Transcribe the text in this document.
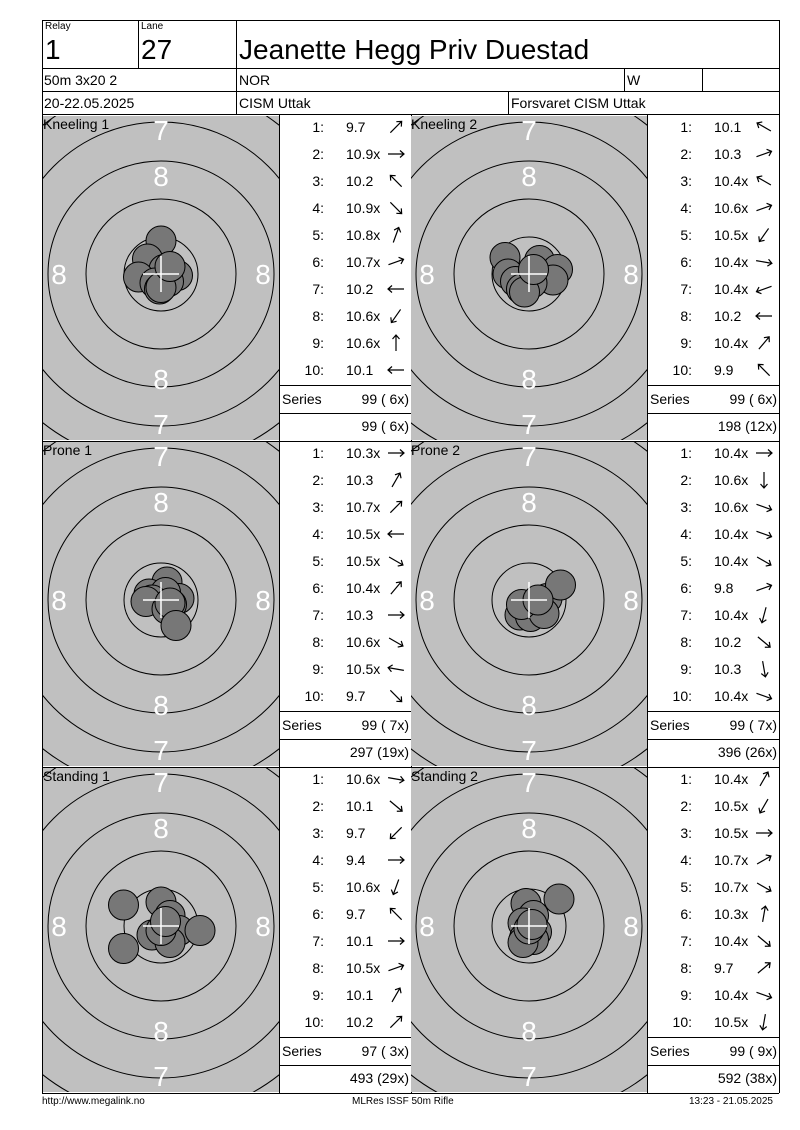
Relay
1
Lane
27 Jeanette Hegg Priv Duestad
50m 3x20 2	NOR	W
20-22.05.2025	CISM Uttak	Forsvaret CISM Uttak
7
8
8
7
8	8
Kneeling 1	1: 9.7
2: 10.9x
3: 10.2
4: 10.9x
5: 10.8x
6: 10.7x
7: 10.2
8: 10.6x
9: 10.6x
10: 10.1
Series	99 ( 6x)
99 ( 6x)
7
8
8
7
8	8
Kneeling 2	1: 10.1
2: 10.3
3: 10.4x
4: 10.6x
5: 10.5x
6: 10.4x
7: 10.4x
8: 10.2
9: 10.4x
10: 9.9
Series	99 ( 6x)
198 (12x)
7
8
8
7
8	8
Prone 1	1: 10.3x
2: 10.3
3: 10.7x
4: 10.5x
5: 10.5x
6: 10.4x
7: 10.3
8: 10.6x
9: 10.5x
10: 9.7
Series	99 ( 7x)
297 (19x)
7
8
8
7
8	8
Prone 2	1: 10.4x
2: 10.6x
3: 10.6x
4: 10.4x
5: 10.4x
6: 9.8
7: 10.4x
8: 10.2
9: 10.3
10: 10.4x
Series	99 ( 7x)
396 (26x)
7
8
8
7
8	8
Standing 1	1: 10.6x
2: 10.1
3: 9.7
4: 9.4
5: 10.6x
6: 9.7
7: 10.1
8: 10.5x
9: 10.1
10: 10.2
Series	97 ( 3x)
493 (29x)
7
8
8
7
8	8
Standing 2	1: 10.4x
2: 10.5x
3: 10.5x
4: 10.7x
5: 10.7x
6: 10.3x
7: 10.4x
8: 9.7
9: 10.4x
10: 10.5x
Series	99 ( 9x)
592 (38x)
http://www.megalink.no	MLRes ISSF 50m Rifle	13:23 - 21.05.2025
